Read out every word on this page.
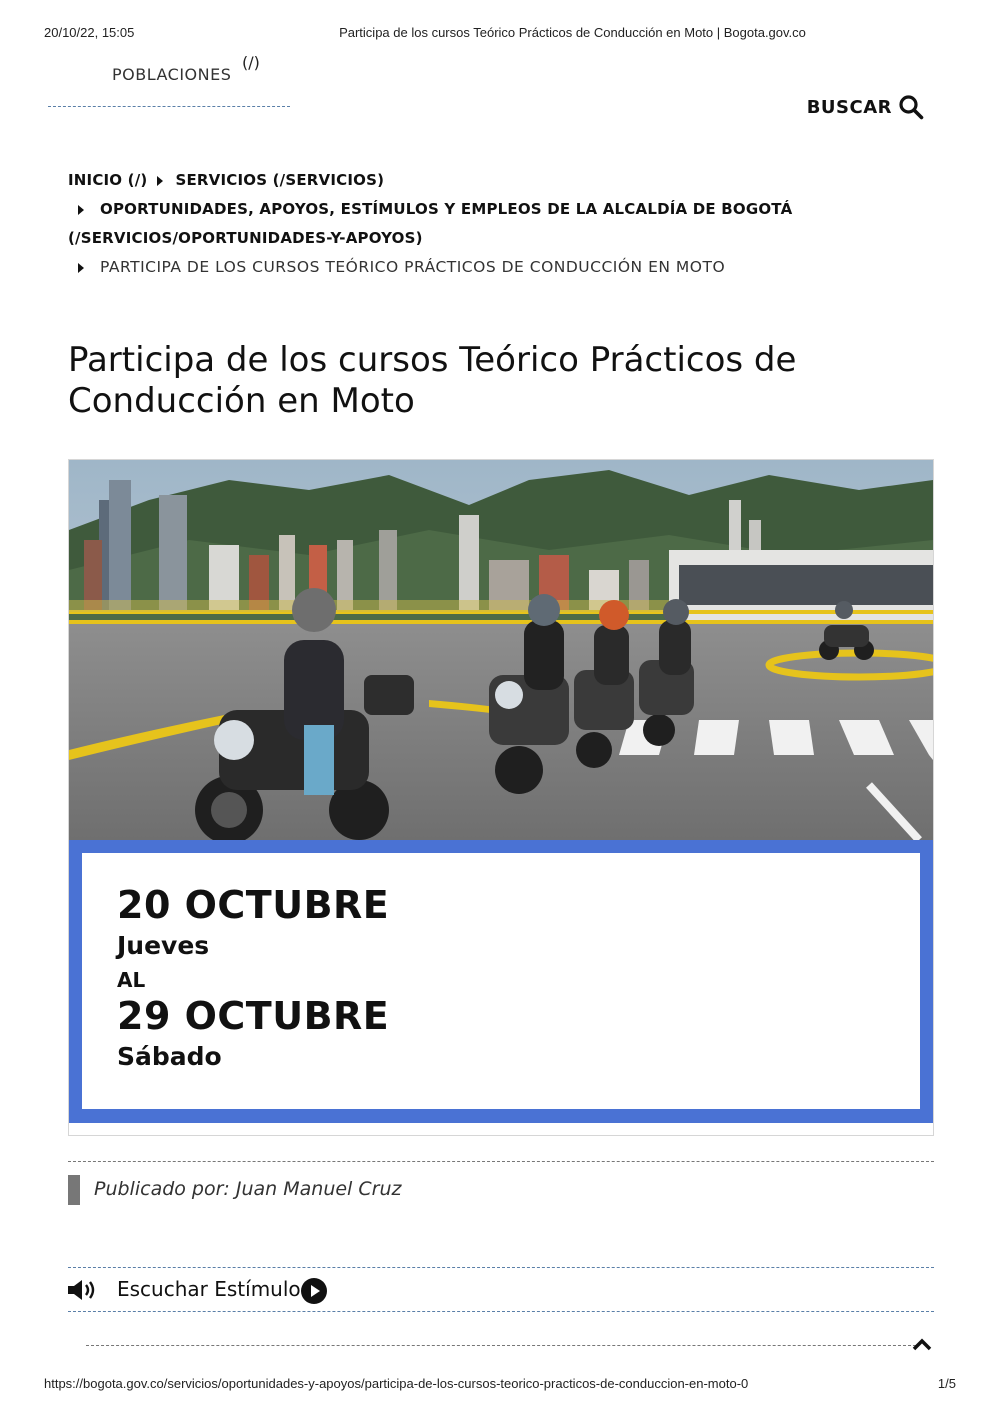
20/10/22, 15:05	Participa de los cursos Teórico Prácticos de Conducción en Moto | Bogota.gov.co
POBLACIONES
(/)
BUSCAR
INICIO (/) SERVICIOS (/SERVICIOS)
OPORTUNIDADES, APOYOS, ESTÍMULOS Y EMPLEOS DE LA ALCALDÍA DE BOGOTÁ
(/SERVICIOS/OPORTUNIDADES-Y-APOYOS)
PARTICIPA DE LOS CURSOS TEÓRICO PRÁCTICOS DE CONDUCCIÓN EN MOTO
Participa de los cursos Teórico Prácticos de
Conducción en Moto
20 OCTUBRE
Jueves
AL
29 OCTUBRE
Sábado
Publicado por: Juan Manuel Cruz
Escuchar Estímulo
https://bogota.gov.co/servicios/oportunidades-y-apoyos/participa-de-los-cursos-teorico-practicos-de-conduccion-en-moto-0	1/5
